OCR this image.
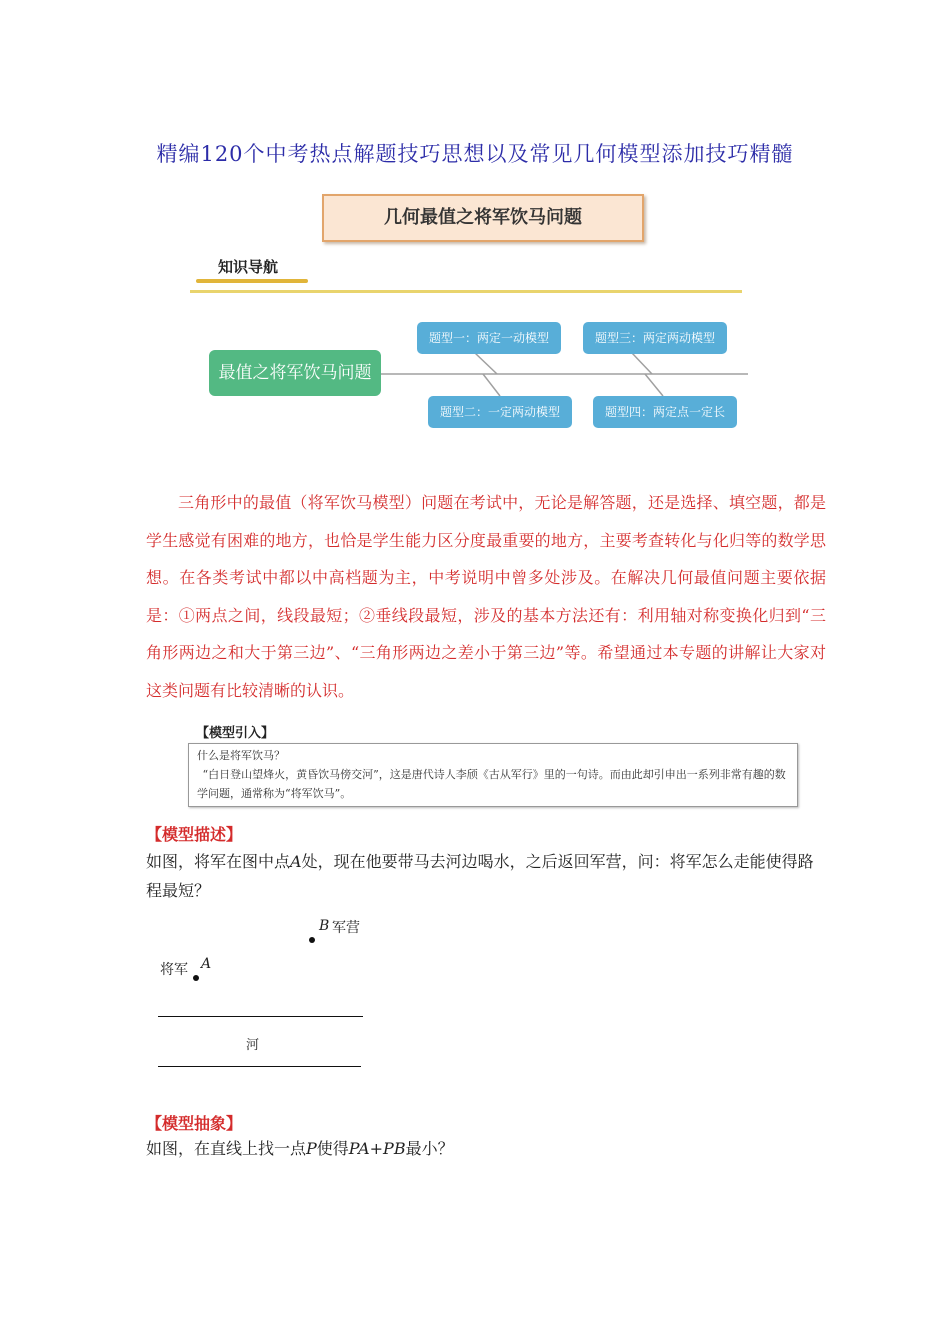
精编120个中考热点解题技巧思想以及常见几何模型添加技巧精髓
几何最值之将军饮马问题
知识导航
最值之将军饮马问题
题型一：两定一动模型	题型三：两定两动模型
题型二：一定两动模型	题型四：两定点一定长
三角形中的最值（将军饮马模型）问题在考试中，无论是解答题，还是选择、填空题，都是学生感觉有困难的地方，也恰是学生能力区分度最重要的地方，主要考查转化与化归等的数学思想。在各类考试中都以中高档题为主，中考说明中曾多处涉及。在解决几何最值问题主要依据是：①两点之间，线段最短；②垂线段最短，涉及的基本方法还有：利用轴对称变换化归到“三角形两边之和大于第三边”、“三角形两边之差小于第三边”等。希望通过本专题的讲解让大家对这类问题有比较清晰的认识。
【模型引入】
什么是将军饮马？
“白日登山望烽火，黄昏饮马傍交河”，这是唐代诗人李颀《古从军行》里的一句诗。而由此却引申出一系列非常有趣的数学问题，通常称为“将军饮马”。
【模型描述】
如图，将军在图中点A处，现在他要带马去河边喝水，之后返回军营，问：将军怎么走能使得路程最短？
B 军营
将军 A
河
【模型抽象】
如图，在直线上找一点P使得PA+PB最小？
